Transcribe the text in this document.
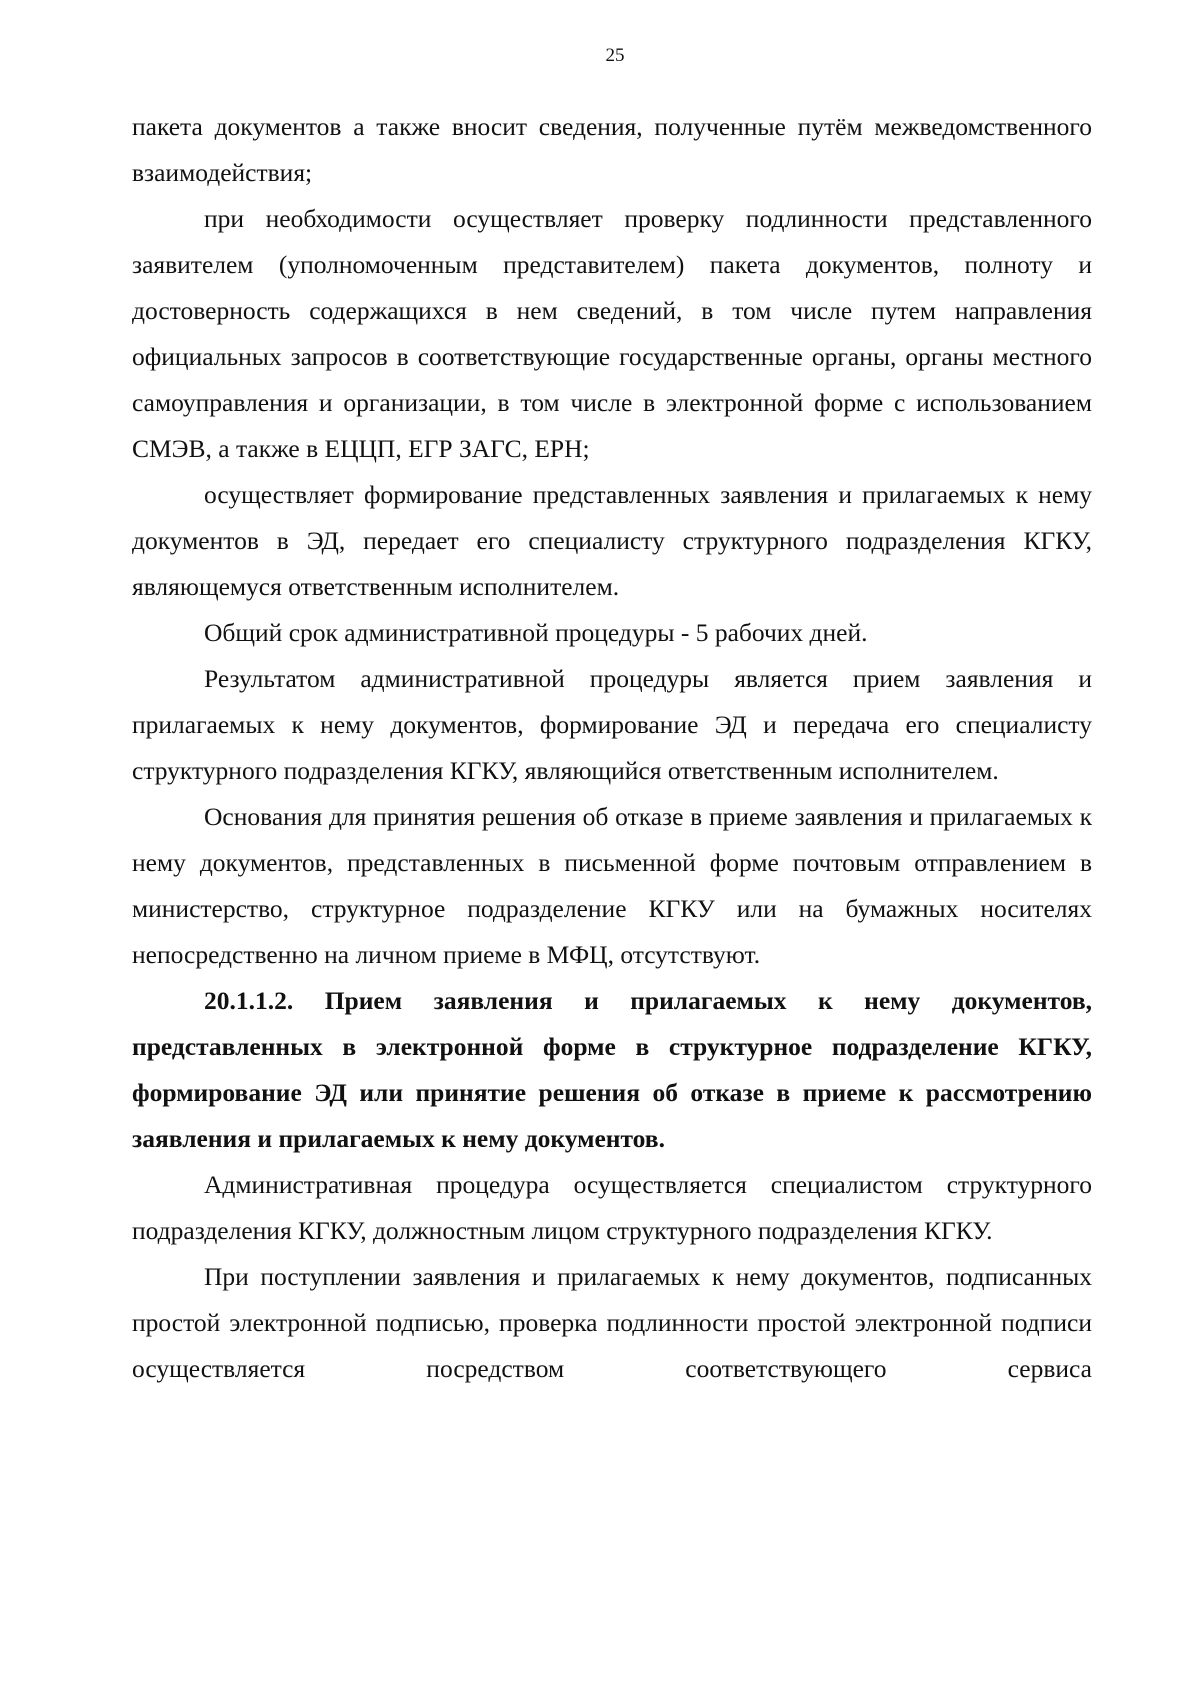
25

пакета документов а также вносит сведения, полученные путём межведомственного взаимодействия;

при необходимости осуществляет проверку подлинности представленного заявителем (уполномоченным представителем) пакета документов, полноту и достоверность содержащихся в нем сведений, в том числе путем направления официальных запросов в соответствующие государственные органы, органы местного самоуправления и организации, в том числе в электронной форме с использованием СМЭВ, а также в ЕЦЦП, ЕГР ЗАГС, ЕРН;

осуществляет формирование представленных заявления и прилагаемых к нему документов в ЭД, передает его специалисту структурного подразделения КГКУ, являющемуся ответственным исполнителем.

Общий срок административной процедуры - 5 рабочих дней.

Результатом административной процедуры является прием заявления и прилагаемых к нему документов, формирование ЭД и передача его специалисту структурного подразделения КГКУ, являющийся ответственным исполнителем.

Основания для принятия решения об отказе в приеме заявления и прилагаемых к нему документов, представленных в письменной форме почтовым отправлением в министерство, структурное подразделение КГКУ или на бумажных носителях непосредственно на личном приеме в МФЦ, отсутствуют.

20.1.1.2. Прием заявления и прилагаемых к нему документов, представленных в электронной форме в структурное подразделение КГКУ, формирование ЭД или принятие решения об отказе в приеме к рассмотрению заявления и прилагаемых к нему документов.

Административная процедура осуществляется специалистом структурного подразделения КГКУ, должностным лицом структурного подразделения КГКУ.

При поступлении заявления и прилагаемых к нему документов, подписанных простой электронной подписью, проверка подлинности простой электронной подписи осуществляется посредством соответствующего сервиса
